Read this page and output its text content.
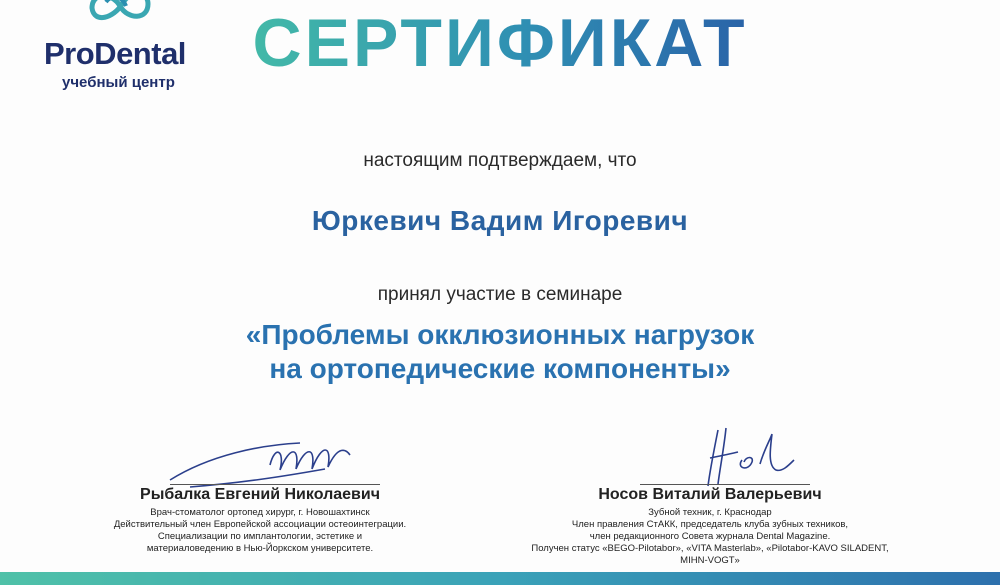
ProDental
учебный центр
СЕРТИФИКАТ
настоящим подтверждаем, что
Юркевич Вадим Игоревич
принял участие в семинаре
«Проблемы окклюзионных нагрузок
на ортопедические компоненты»
Рыбалка Евгений Николаевич
Врач-стоматолог ортопед хирург, г. Новошахтинск
Действительный член Европейской ассоциации остеоинтеграции.
Специализации по имплантологии, эстетике и
материаловедению в Нью-Йоркском университете.
Носов Виталий Валерьевич
Зубной техник, г. Краснодар
Член правления СтАКК, председатель клуба зубных техников,
член редакционного Совета журнала Dental Magazine.
Получен статус «BEGO-Pilotabor», «VITA Masterlab», «Pilotabor-KAVO SILADENT, MIHN-VOGT»
